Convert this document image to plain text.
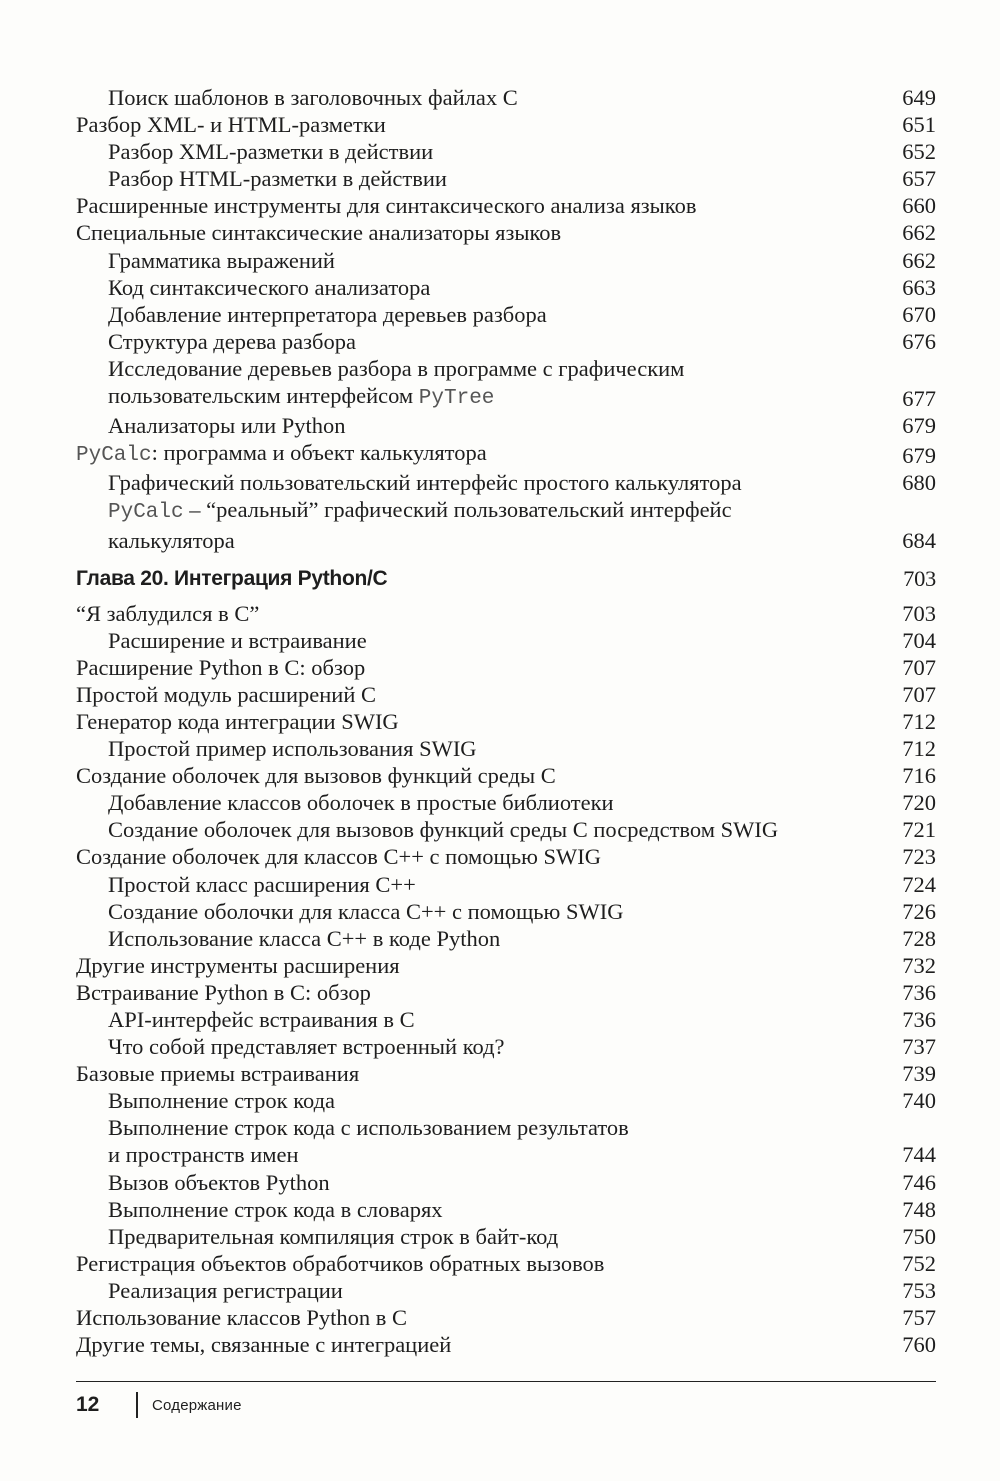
Поиск шаблонов в заголовочных файлах C	649
Разбор XML- и HTML-разметки	651
Разбор XML-разметки в действии	652
Разбор HTML-разметки в действии	657
Расширенные инструменты для синтаксического анализа языков	660
Специальные синтаксические анализаторы языков	662
Грамматика выражений	662
Код синтаксического анализатора	663
Добавление интерпретатора деревьев разбора	670
Структура дерева разбора	676
Исследование деревьев разбора в программе с графическим
пользовательским интерфейсом PyTree	677
Анализаторы или Python	679
PyCalc: программа и объект калькулятора	679
Графический пользовательский интерфейс простого калькулятора	680
PyCalc – “реальный” графический пользовательский интерфейс
калькулятора	684
Глава 20. Интеграция Python/C	703
“Я заблудился в C”	703
Расширение и встраивание	704
Расширение Python в C: обзор	707
Простой модуль расширений C	707
Генератор кода интеграции SWIG	712
Простой пример использования SWIG	712
Создание оболочек для вызовов функций среды C	716
Добавление классов оболочек в простые библиотеки	720
Создание оболочек для вызовов функций среды C посредством SWIG	721
Создание оболочек для классов C++ с помощью SWIG	723
Простой класс расширения C++	724
Создание оболочки для класса C++ с помощью SWIG	726
Использование класса C++ в коде Python	728
Другие инструменты расширения	732
Встраивание Python в C: обзор	736
API-интерфейс встраивания в C	736
Что собой представляет встроенный код?	737
Базовые приемы встраивания	739
Выполнение строк кода	740
Выполнение строк кода с использованием результатов
и пространств имен	744
Вызов объектов Python	746
Выполнение строк кода в словарях	748
Предварительная компиляция строк в байт-код	750
Регистрация объектов обработчиков обратных вызовов	752
Реализация регистрации	753
Использование классов Python в C	757
Другие темы, связанные с интеграцией	760
12	Содержание
